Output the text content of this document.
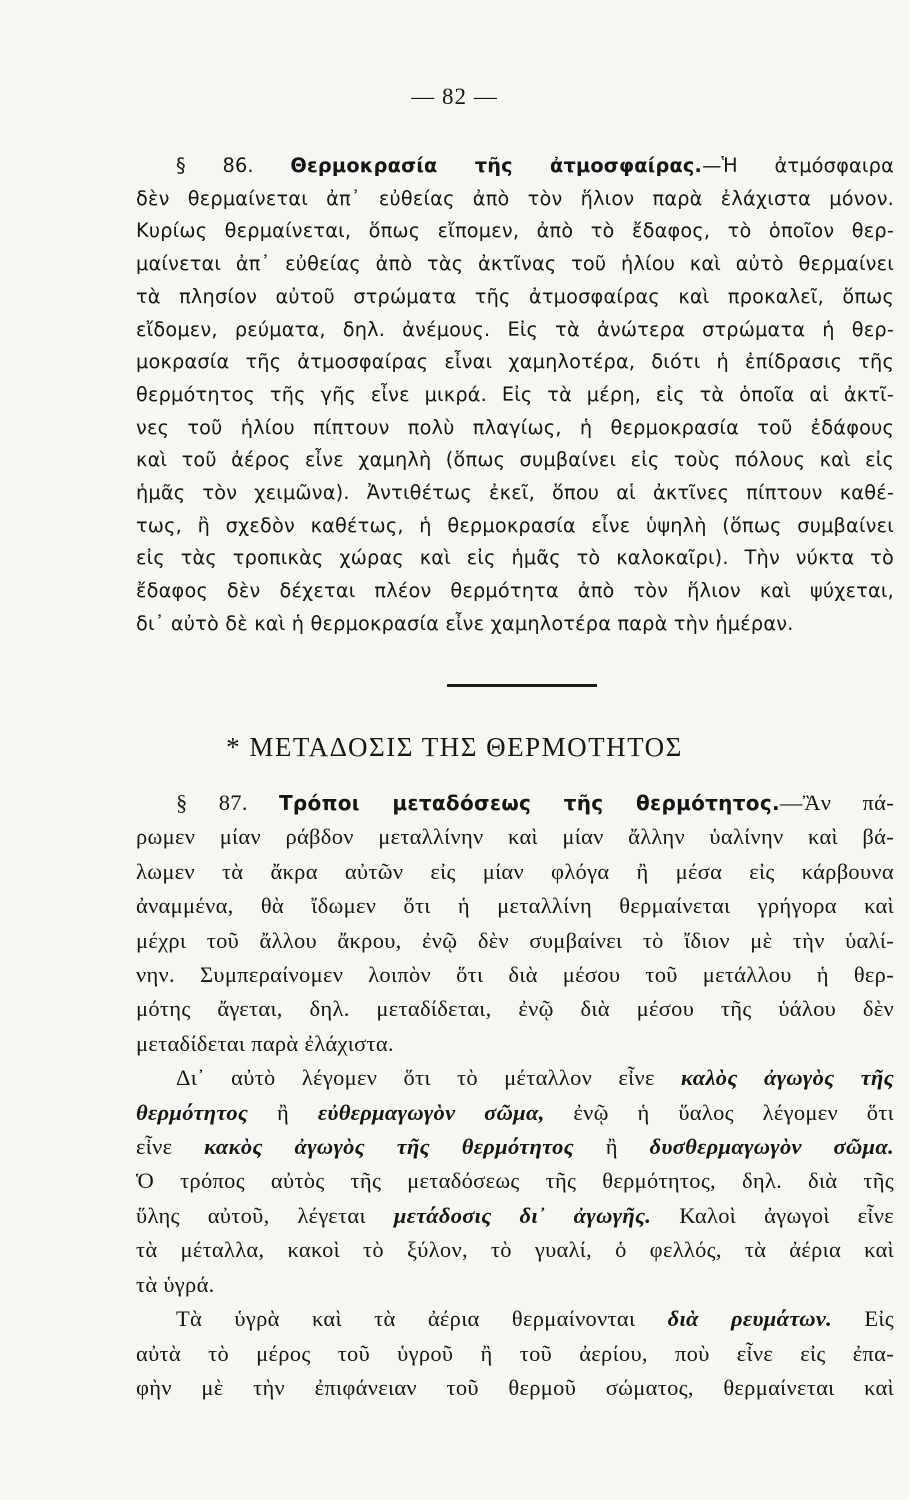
— 82 —
§ 86. Θερμοκρασία τῆς ἀτμοσφαίρας.—Ἡ ἀτμόσφαιρα
δὲν θερμαίνεται ἀπ᾿ εὐθείας ἀπὸ τὸν ἥλιον παρὰ ἐλάχιστα μόνον.
Κυρίως θερμαίνεται, ὅπως εἴπομεν, ἀπὸ τὸ ἔδαφος, τὸ ὁποῖον θερ-
μαίνεται ἀπ᾿ εὐθείας ἀπὸ τὰς ἀκτῖνας τοῦ ἡλίου καὶ αὐτὸ θερμαίνει
τὰ πλησίον αὐτοῦ στρώματα τῆς ἀτμοσφαίρας καὶ προκαλεῖ, ὅπως
εἴδομεν, ρεύματα, δηλ. ἀνέμους. Εἰς τὰ ἀνώτερα στρώματα ἡ θερ-
μοκρασία τῆς ἀτμοσφαίρας εἶναι χαμηλοτέρα, διότι ἡ ἐπίδρασις τῆς
θερμότητος τῆς γῆς εἶνε μικρά. Εἰς τὰ μέρη, εἰς τὰ ὁποῖα αἱ ἀκτῖ-
νες τοῦ ἡλίου πίπτουν πολὺ πλαγίως, ἡ θερμοκρασία τοῦ ἐδάφους
καὶ τοῦ ἀέρος εἶνε χαμηλὴ (ὅπως συμβαίνει εἰς τοὺς πόλους καὶ εἰς
ἡμᾶς τὸν χειμῶνα). Ἀντιθέτως ἐκεῖ, ὅπου αἱ ἀκτῖνες πίπτουν καθέ-
τως, ἢ σχεδὸν καθέτως, ἡ θερμοκρασία εἶνε ὑψηλὴ (ὅπως συμβαίνει
εἰς τὰς τροπικὰς χώρας καὶ εἰς ἡμᾶς τὸ καλοκαῖρι). Τὴν νύκτα τὸ
ἔδαφος δὲν δέχεται πλέον θερμότητα ἀπὸ τὸν ἥλιον καὶ ψύχεται,
δι᾿ αὐτὸ δὲ καὶ ἡ θερμοκρασία εἶνε χαμηλοτέρα παρὰ τὴν ἡμέραν.
* ΜΕΤΑΔΟΣΙΣ ΤΗΣ ΘΕΡΜΟΤΗΤΟΣ
§ 87. Τρόποι μεταδόσεως τῆς θερμότητος.—Ἂν πά-
ρωμεν μίαν ράβδον μεταλλίνην καὶ μίαν ἄλλην ὑαλίνην καὶ βά-
λωμεν τὰ ἄκρα αὐτῶν εἰς μίαν φλόγα ἢ μέσα εἰς κάρβουνα
ἀναμμένα, θὰ ἴδωμεν ὅτι ἡ μεταλλίνη θερμαίνεται γρήγορα καὶ
μέχρι τοῦ ἄλλου ἄκρου, ἐνῷ δὲν συμβαίνει τὸ ἴδιον μὲ τὴν ὑαλί-
νην. Συμπεραίνομεν λοιπὸν ὅτι διὰ μέσου τοῦ μετάλλου ἡ θερ-
μότης ἄγεται, δηλ. μεταδίδεται, ἐνῷ διὰ μέσου τῆς ὑάλου δὲν
μεταδίδεται παρὰ ἐλάχιστα.
Δι᾿ αὐτὸ λέγομεν ὅτι τὸ μέταλλον εἶνε καλὸς ἀγωγὸς τῆς
θερμότητος ἢ εὐθερμαγωγὸν σῶμα, ἐνῷ ἡ ὕαλος λέγομεν ὅτι
εἶνε κακὸς ἀγωγὸς τῆς θερμότητος ἢ δυσθερμαγωγὸν σῶμα.
Ὁ τρόπος αὐτὸς τῆς μεταδόσεως τῆς θερμότητος, δηλ. διὰ τῆς
ὕλης αὐτοῦ, λέγεται μετάδοσις δι᾿ ἀγωγῆς. Καλοὶ ἀγωγοὶ εἶνε
τὰ μέταλλα, κακοὶ τὸ ξύλον, τὸ γυαλί, ὁ φελλός, τὰ ἀέρια καὶ
τὰ ὑγρά.
Τὰ ὑγρὰ καὶ τὰ ἀέρια θερμαίνονται διὰ ρευμάτων. Εἰς
αὐτὰ τὸ μέρος τοῦ ὑγροῦ ἢ τοῦ ἀερίου, ποὺ εἶνε εἰς ἐπα-
φὴν μὲ τὴν ἐπιφάνειαν τοῦ θερμοῦ σώματος, θερμαίνεται καὶ
